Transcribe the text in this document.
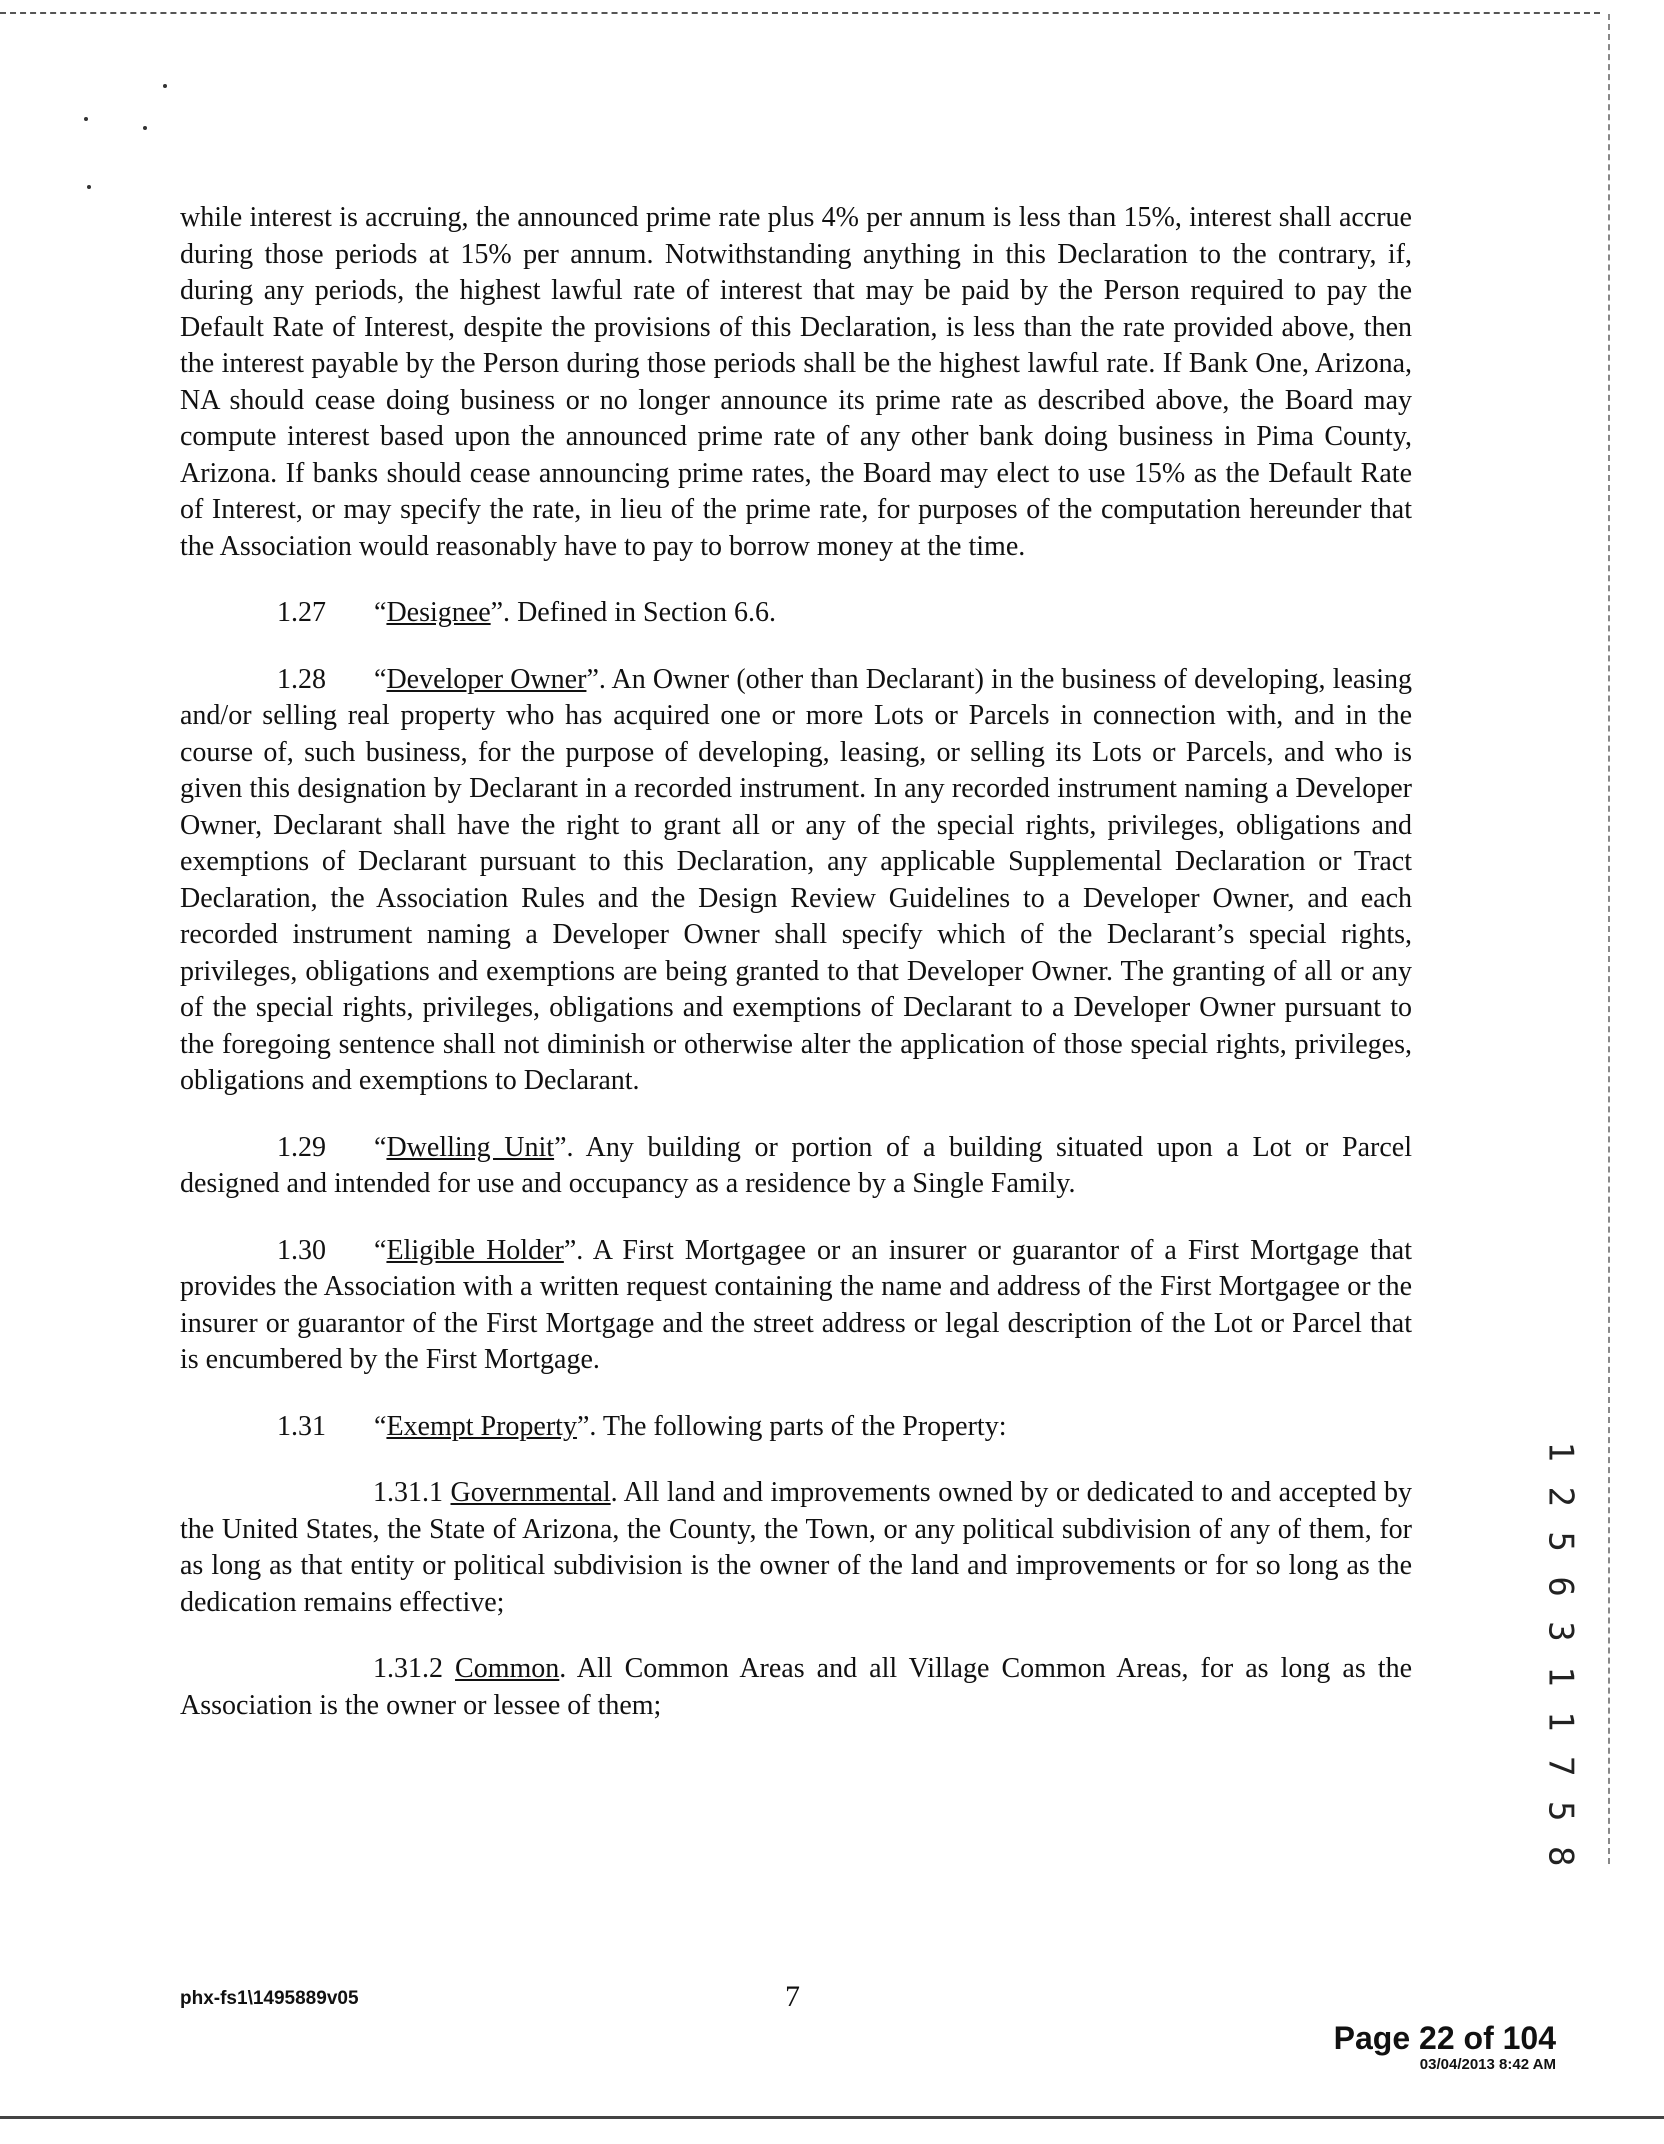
while interest is accruing, the announced prime rate plus 4% per annum is less than 15%, interest shall accrue during those periods at 15% per annum. Notwithstanding anything in this Declaration to the contrary, if, during any periods, the highest lawful rate of interest that may be paid by the Person required to pay the Default Rate of Interest, despite the provisions of this Declaration, is less than the rate provided above, then the interest payable by the Person during those periods shall be the highest lawful rate. If Bank One, Arizona, NA should cease doing business or no longer announce its prime rate as described above, the Board may compute interest based upon the announced prime rate of any other bank doing business in Pima County, Arizona. If banks should cease announcing prime rates, the Board may elect to use 15% as the Default Rate of Interest, or may specify the rate, in lieu of the prime rate, for purposes of the computation hereunder that the Association would reasonably have to pay to borrow money at the time.

1.27 “Designee”. Defined in Section 6.6.

1.28 “Developer Owner”. An Owner (other than Declarant) in the business of developing, leasing and/or selling real property who has acquired one or more Lots or Parcels in connection with, and in the course of, such business, for the purpose of developing, leasing, or selling its Lots or Parcels, and who is given this designation by Declarant in a recorded instrument. In any recorded instrument naming a Developer Owner, Declarant shall have the right to grant all or any of the special rights, privileges, obligations and exemptions of Declarant pursuant to this Declaration, any applicable Supplemental Declaration or Tract Declaration, the Association Rules and the Design Review Guidelines to a Developer Owner, and each recorded instrument naming a Developer Owner shall specify which of the Declarant’s special rights, privileges, obligations and exemptions are being granted to that Developer Owner. The granting of all or any of the special rights, privileges, obligations and exemptions of Declarant to a Developer Owner pursuant to the foregoing sentence shall not diminish or otherwise alter the application of those special rights, privileges, obligations and exemptions to Declarant.

1.29 “Dwelling Unit”. Any building or portion of a building situated upon a Lot or Parcel designed and intended for use and occupancy as a residence by a Single Family.

1.30 “Eligible Holder”. A First Mortgagee or an insurer or guarantor of a First Mortgage that provides the Association with a written request containing the name and address of the First Mortgagee or the insurer or guarantor of the First Mortgage and the street address or legal description of the Lot or Parcel that is encumbered by the First Mortgage.

1.31 “Exempt Property”. The following parts of the Property:

1.31.1 Governmental. All land and improvements owned by or dedicated to and accepted by the United States, the State of Arizona, the County, the Town, or any political subdivision of any of them, for as long as that entity or political subdivision is the owner of the land and improvements or for so long as the dedication remains effective;

1.31.2 Common. All Common Areas and all Village Common Areas, for as long as the Association is the owner or lessee of them;	1 2 5 6 3 1 1 7 5 8
phx-fs1\1495889v05	7
Page 22 of 104
03/04/2013 8:42 AM
